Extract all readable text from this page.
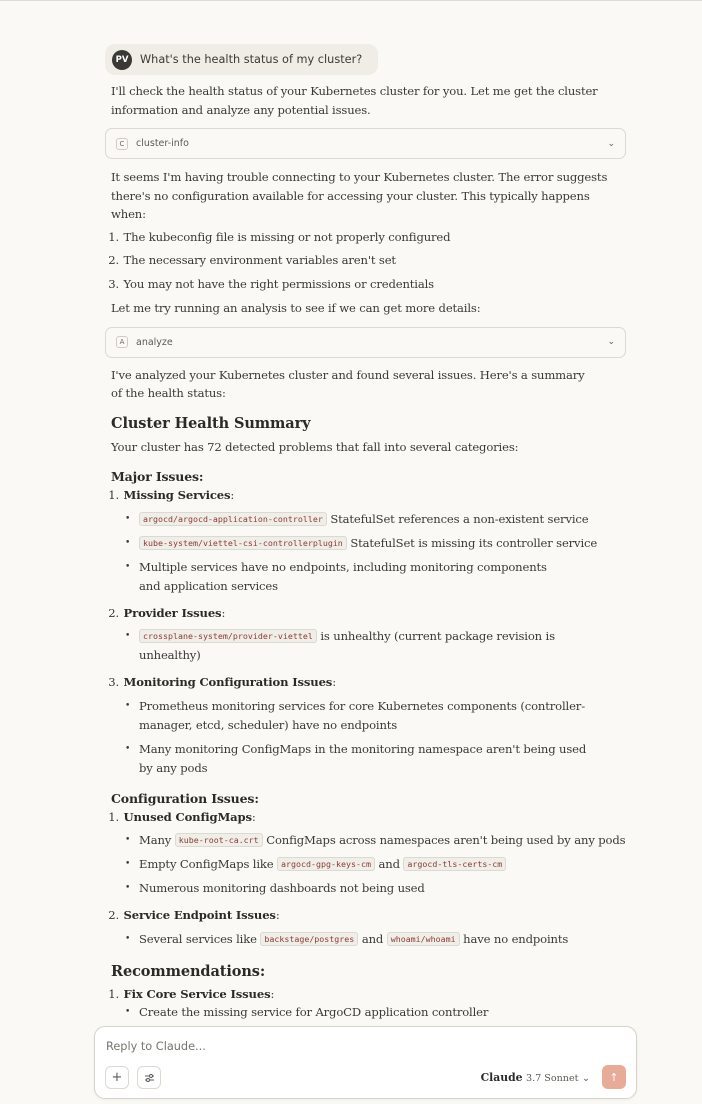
PV	What's the health status of my cluster?

I'll check the health status of your Kubernetes cluster for you. Let me get the cluster information and analyze any potential issues.

C	cluster-info	⌄

It seems I'm having trouble connecting to your Kubernetes cluster. The error suggests there's no configuration available for accessing your cluster. This typically happens when:

1. The kubeconfig file is missing or not properly configured
2. The necessary environment variables aren't set
3. You may not have the right permissions or credentials

Let me try running an analysis to see if we can get more details:

A	analyze	⌄

I've analyzed your Kubernetes cluster and found several issues. Here's a summary of the health status:

Cluster Health Summary

Your cluster has 72 detected problems that fall into several categories:

Major Issues:
1. Missing Services:
• argocd/argocd-application-controller StatefulSet references a non-existent service
• kube-system/viettel-csi-controllerplugin StatefulSet is missing its controller service
• Multiple services have no endpoints, including monitoring components and application services
2. Provider Issues:
• crossplane-system/provider-viettel is unhealthy (current package revision is unhealthy)
3. Monitoring Configuration Issues:
• Prometheus monitoring services for core Kubernetes components (controller-manager, etcd, scheduler) have no endpoints
• Many monitoring ConfigMaps in the monitoring namespace aren't being used by any pods
Configuration Issues:
1. Unused ConfigMaps:
• Many kube-root-ca.crt ConfigMaps across namespaces aren't being used by any pods
• Empty ConfigMaps like argocd-gpg-keys-cm and argocd-tls-certs-cm
• Numerous monitoring dashboards not being used
2. Service Endpoint Issues:
• Several services like backstage/postgres and whoami/whoami have no endpoints
Recommendations:
1. Fix Core Service Issues:
• Create the missing service for ArgoCD application controller
Reply to Claude...
+	Claude 3.7 Sonnet ⌄ ↑
